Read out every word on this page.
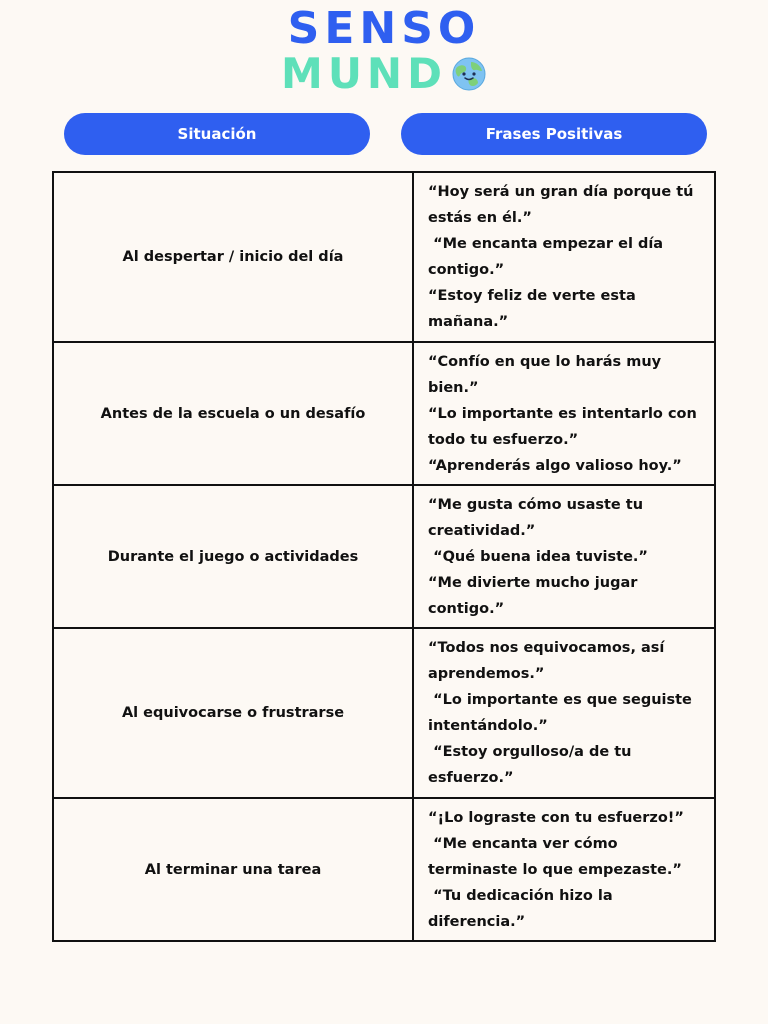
SENSO
MUND
Situación	Frases Positivas
Al despertar / inicio del día	“Hoy será un gran día porque tú estás en él.”
“Me encanta empezar el día contigo.”
“Estoy feliz de verte esta mañana.”

Antes de la escuela o un desafío	“Confío en que lo harás muy bien.”
“Lo importante es intentarlo con todo tu esfuerzo.”
“Aprenderás algo valioso hoy.”

Durante el juego o actividades	“Me gusta cómo usaste tu creatividad.”
“Qué buena idea tuviste.”
“Me divierte mucho jugar contigo.”

Al equivocarse o frustrarse	“Todos nos equivocamos, así aprendemos.”
“Lo importante es que seguiste intentándolo.”
“Estoy orgulloso/a de tu esfuerzo.”

Al terminar una tarea	“¡Lo lograste con tu esfuerzo!”
“Me encanta ver cómo terminaste lo que empezaste.”
“Tu dedicación hizo la diferencia.”
